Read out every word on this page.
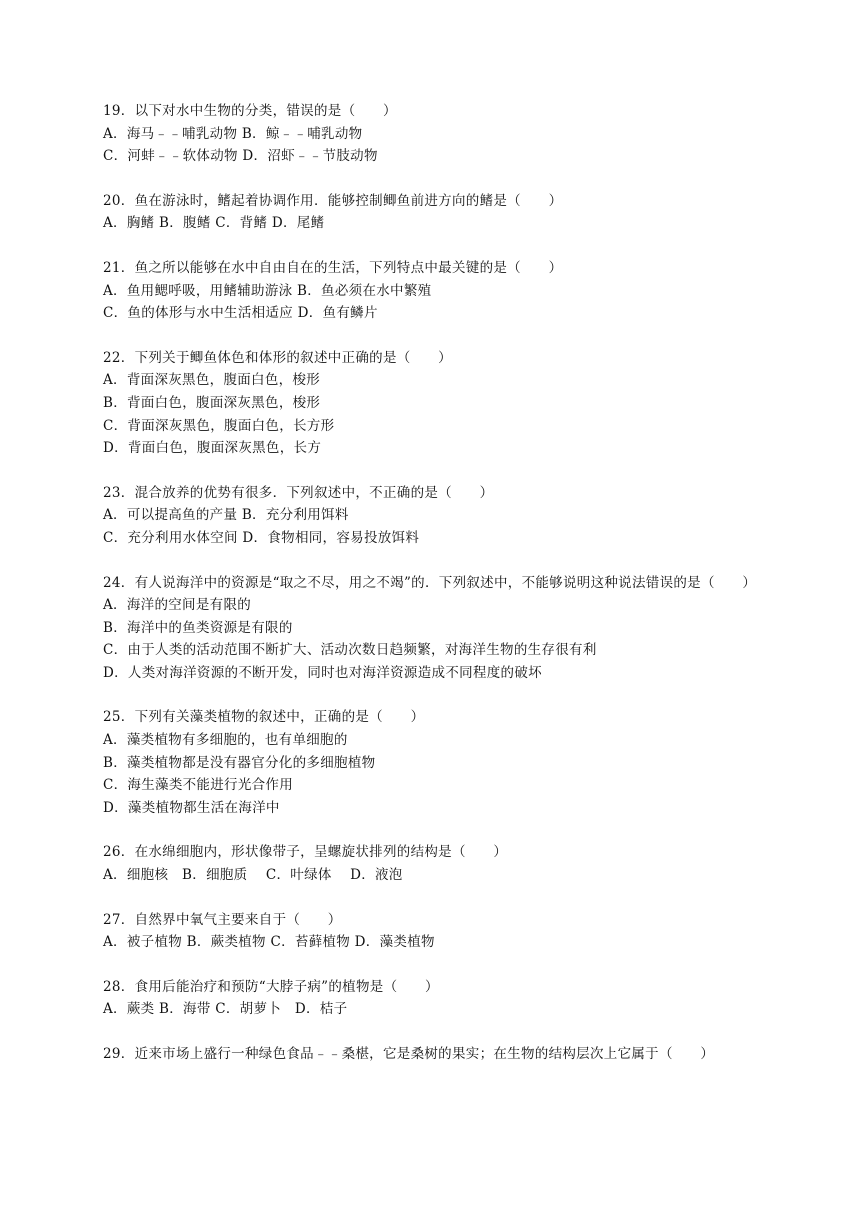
19．以下对水中生物的分类，错误的是（　　）
A．海马﹣﹣哺乳动物 B．鲸﹣﹣哺乳动物
C．河蚌﹣﹣软体动物 D．沼虾﹣﹣节肢动物
20．鱼在游泳时，鳍起着协调作用．能够控制鲫鱼前进方向的鳍是（　　）
A．胸鳍 B．腹鳍 C．背鳍 D．尾鳍
21．鱼之所以能够在水中自由自在的生活，下列特点中最关键的是（　　）
A．鱼用鳃呼吸，用鳍辅助游泳 B．鱼必须在水中繁殖
C．鱼的体形与水中生活相适应 D．鱼有鳞片
22．下列关于鲫鱼体色和体形的叙述中正确的是（　　）
A．背面深灰黑色，腹面白色，梭形
B．背面白色，腹面深灰黑色，梭形
C．背面深灰黑色，腹面白色，长方形
D．背面白色，腹面深灰黑色，长方
23．混合放养的优势有很多．下列叙述中，不正确的是（　　）
A．可以提高鱼的产量 B．充分利用饵料
C．充分利用水体空间 D．食物相同，容易投放饵料
24．有人说海洋中的资源是“取之不尽，用之不竭”的．下列叙述中，不能够说明这种说法错误的是（　　）
A．海洋的空间是有限的
B．海洋中的鱼类资源是有限的
C．由于人类的活动范围不断扩大、活动次数日趋频繁，对海洋生物的生存很有利
D．人类对海洋资源的不断开发，同时也对海洋资源造成不同程度的破坏
25．下列有关藻类植物的叙述中，正确的是（　　）
A．藻类植物有多细胞的，也有单细胞的
B．藻类植物都是没有器官分化的多细胞植物
C．海生藻类不能进行光合作用
D．藻类植物都生活在海洋中
26．在水绵细胞内，形状像带子，呈螺旋状排列的结构是（　　）
A．细胞核　B．细胞质　 C．叶绿体　 D．液泡
27．自然界中氧气主要来自于（　　）
A．被子植物 B．蕨类植物 C．苔藓植物 D．藻类植物
28．食用后能治疗和预防“大脖子病”的植物是（　　）
A．蕨类 B．海带 C．胡萝卜　D．桔子
29．近来市场上盛行一种绿色食品﹣﹣桑椹，它是桑树的果实；在生物的结构层次上它属于（　　）
